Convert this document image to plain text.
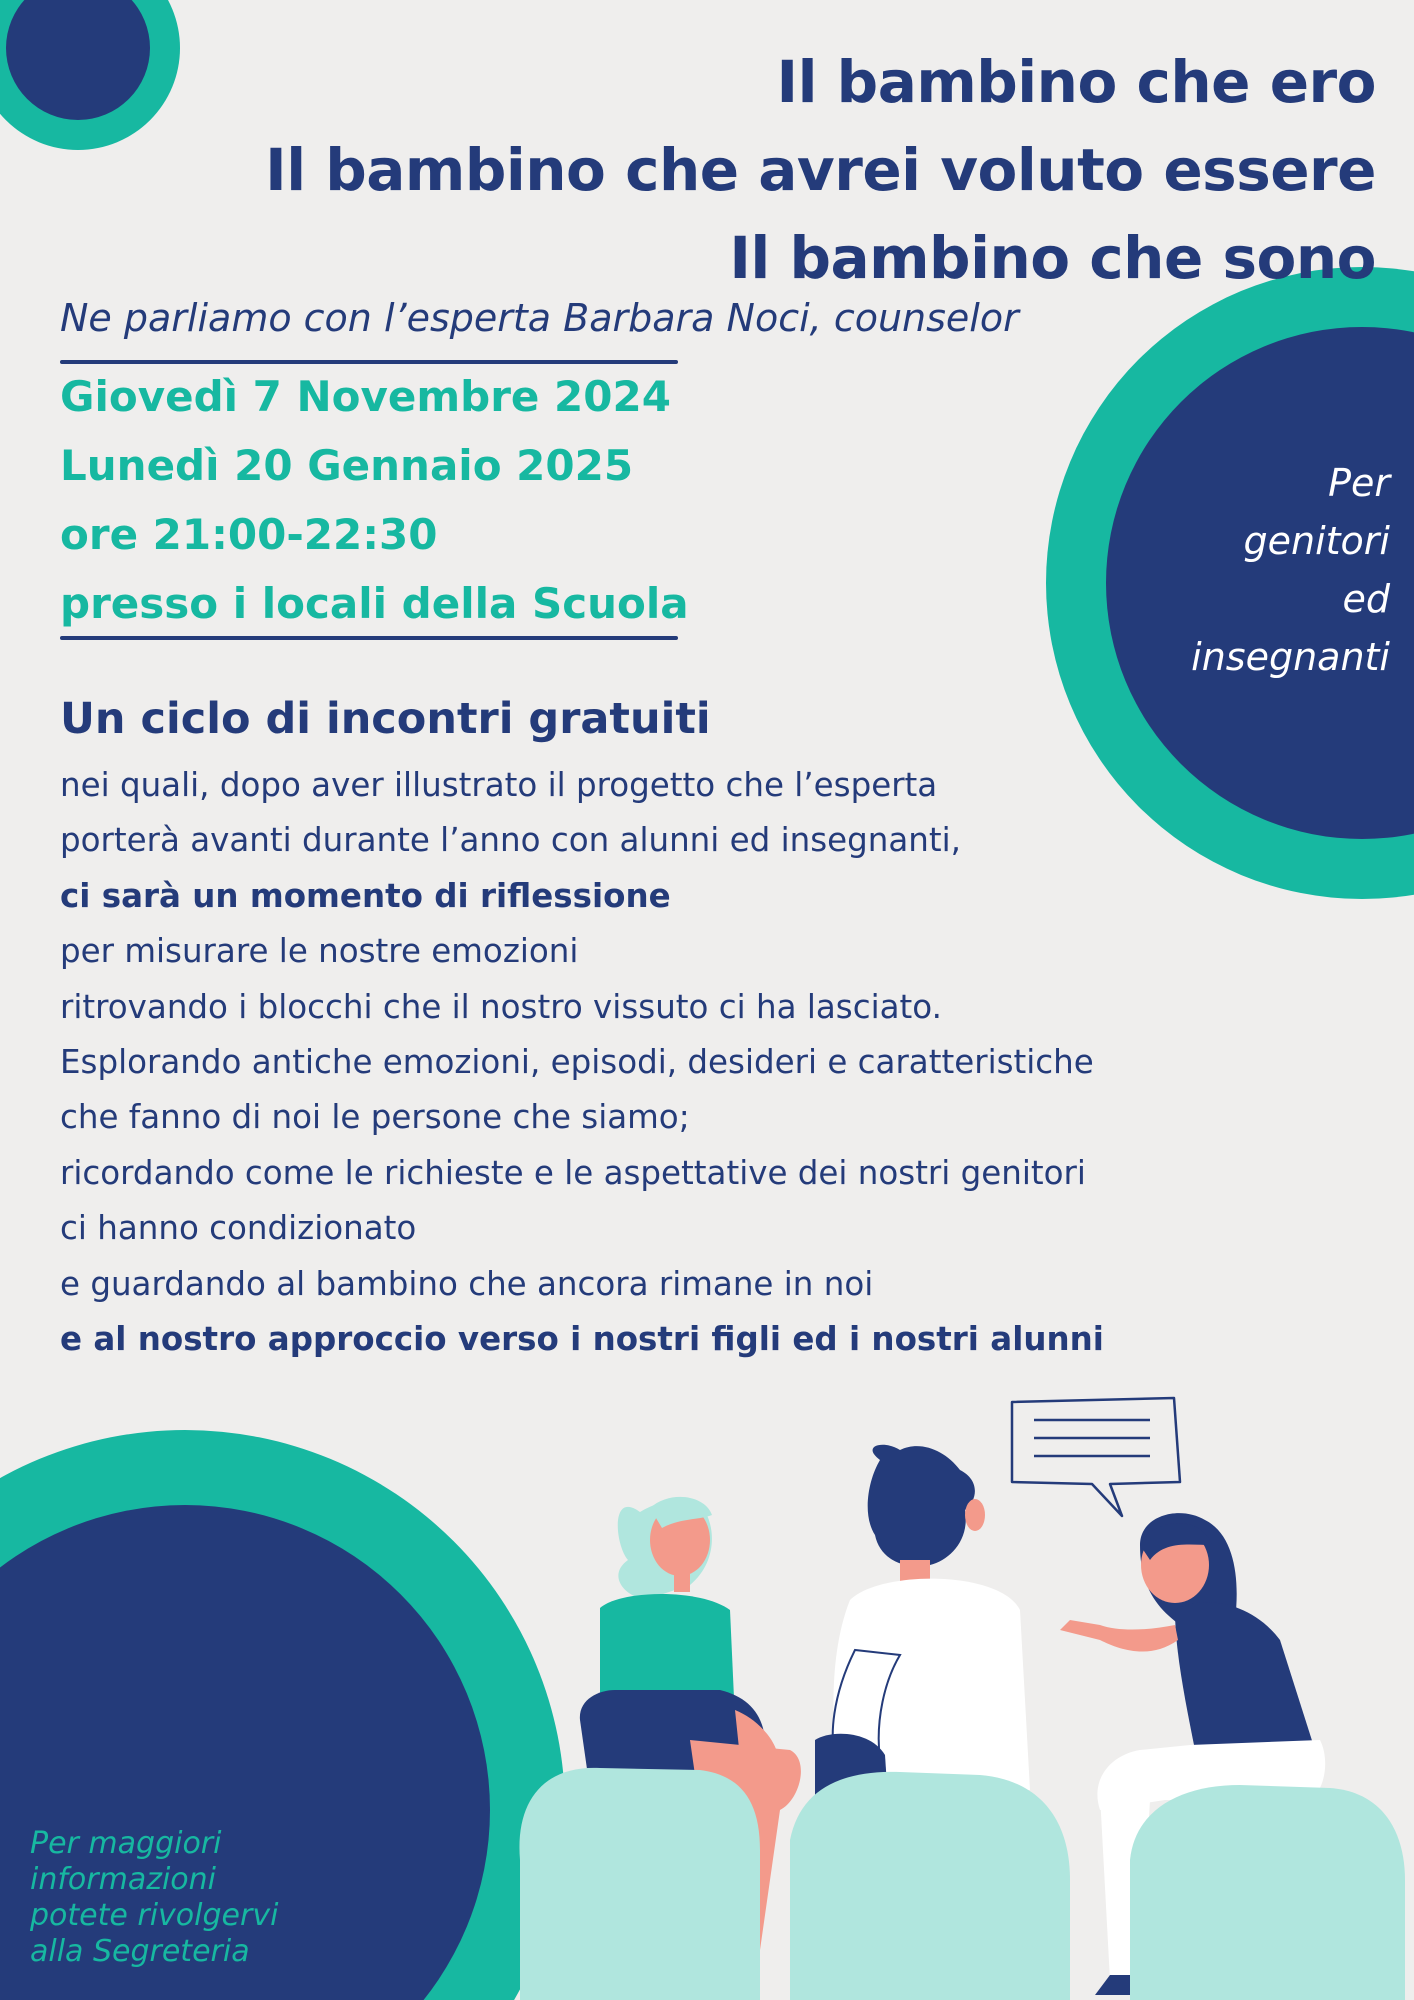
Il bambino che ero
Il bambino che avrei voluto essere
Il bambino che sono
Ne parliamo con l’esperta Barbara Noci, counselor
Giovedì 7 Novembre 2024
Lunedì 20 Gennaio 2025
ore 21:00-22:30
presso i locali della Scuola
Per
genitori
ed
insegnanti
Un ciclo di incontri gratuiti
nei quali, dopo aver illustrato il progetto che l’esperta
porterà avanti durante l’anno con alunni ed insegnanti,
ci sarà un momento di riflessione
per misurare le nostre emozioni
ritrovando i blocchi che il nostro vissuto ci ha lasciato.
Esplorando antiche emozioni, episodi, desideri e caratteristiche
che fanno di noi le persone che siamo;
ricordando come le richieste e le aspettative dei nostri genitori
ci hanno condizionato
e guardando al bambino che ancora rimane in noi
e al nostro approccio verso i nostri figli ed i nostri alunni
Per maggiori
informazioni
potete rivolgervi
alla Segreteria
